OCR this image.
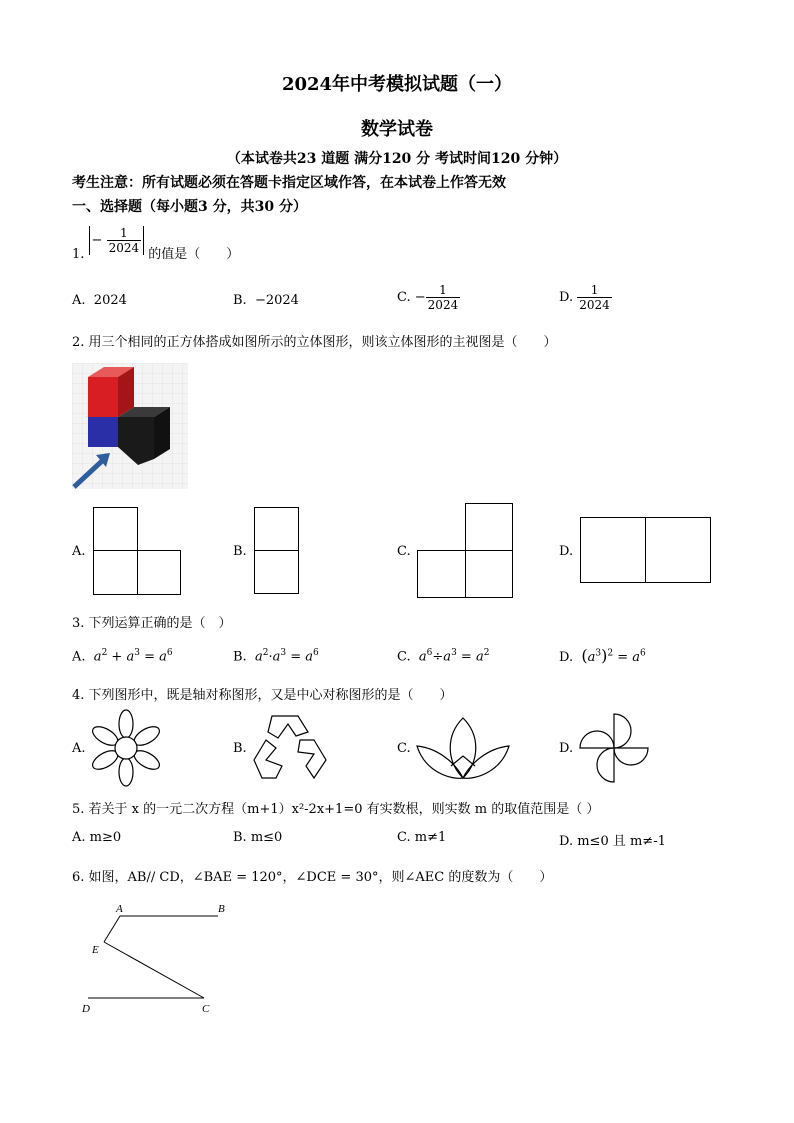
2024年中考模拟试题（一）
数学试卷
（本试卷共23 道题 满分120 分 考试时间120 分钟）
考生注意：所有试题必须在答题卡指定区域作答，在本试卷上作答无效
一、选择题（每小题3 分，共30 分）
1. − $\frac{1}{2024}$ 的值是（　　）
A. 2024	B. −2024	C. − $\frac{1}{2024}$	D. $\frac{1}{2024}$
2. 用三个相同的正方体搭成如图所示的立体图形，则该立体图形的主视图是（　　）
A.	B.	C.	D.
3. 下列运算正确的是（　）
A. $a^2 + a^3 = a^6$	B. $a^2\cdot a^3 = a^6$	C. $a^6\div a^3 = a^2$	D. $(a^3)^2 = a^6$
4. 下列图形中，既是轴对称图形，又是中心对称图形的是（　　）
A.	B.	C.	D.
5. 若关于 x 的一元二次方程（m+1）x²-2x+1=0 有实数根，则实数 m 的取值范围是（ ）
A. m≥0	B. m≤0	C. m≠1	D. m≤0 且 m≠-1
6. 如图，AB// CD，∠BAE = 120°，∠DCE = 30°，则∠AEC 的度数为（　　）
A	B
E
D	C
